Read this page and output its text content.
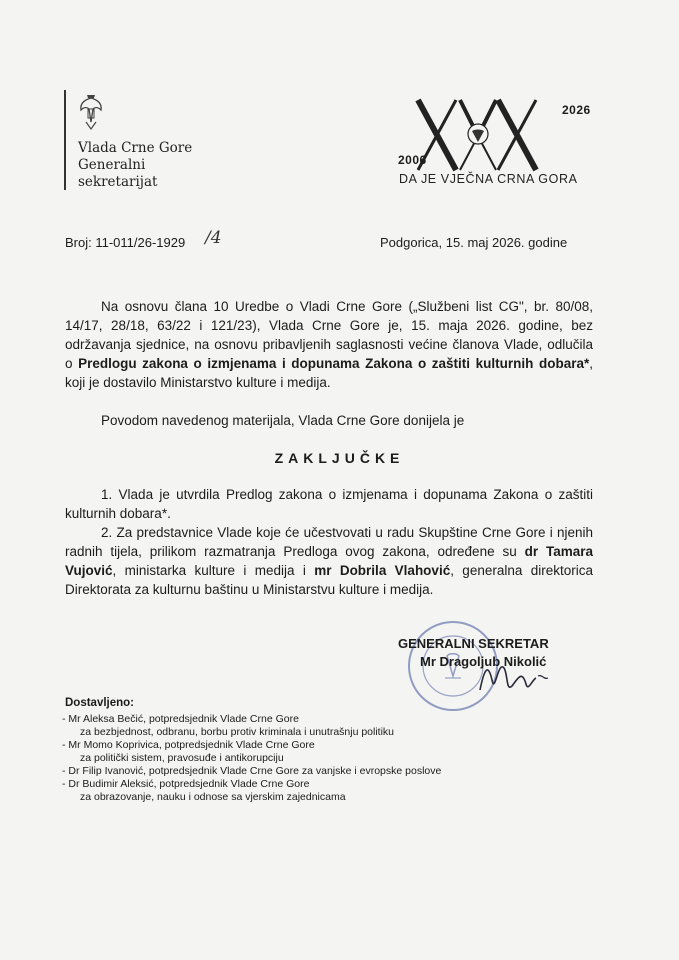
Vlada Crne Gore
Generalni
sekretarijat
2026
2006
DA JE VJEČNA CRNA GORA
Broj: 11-011/26-1929 /4	Podgorica, 15. maj 2026. godine
Na osnovu člana 10 Uredbe o Vladi Crne Gore („Službeni list CG", br. 80/08, 14/17, 28/18, 63/22 i 121/23), Vlada Crne Gore je, 15. maja 2026. godine, bez održavanja sjednice, na osnovu pribavljenih saglasnosti većine članova Vlade, odlučila o Predlogu zakona o izmjenama i dopunama Zakona o zaštiti kulturnih dobara*, koji je dostavilo Ministarstvo kulture i medija.
Povodom navedenog materijala, Vlada Crne Gore donijela je
ZAKLJUČKE
1. Vlada je utvrdila Predlog zakona o izmjenama i dopunama Zakona o zaštiti kulturnih dobara*.
2. Za predstavnice Vlade koje će učestvovati u radu Skupštine Crne Gore i njenih radnih tijela, prilikom razmatranja Predloga ovog zakona, određene su dr Tamara Vujović, ministarka kulture i medija i mr Dobrila Vlahović, generalna direktorica Direktorata za kulturnu baštinu u Ministarstvu kulture i medija.
GENERALNI SEKRETAR
Mr Dragoljub Nikolić
Dostavljeno:
- Mr Aleksa Bečić, potpredsjednik Vlade Crne Gore
za bezbjednost, odbranu, borbu protiv kriminala i unutrašnju politiku
- Mr Momo Koprivica, potpredsjednik Vlade Crne Gore
za politički sistem, pravosuđe i antikorupciju
- Dr Filip Ivanović, potpredsjednik Vlade Crne Gore za vanjske i evropske poslove
- Dr Budimir Aleksić, potpredsjednik Vlade Crne Gore
za obrazovanje, nauku i odnose sa vjerskim zajednicama
